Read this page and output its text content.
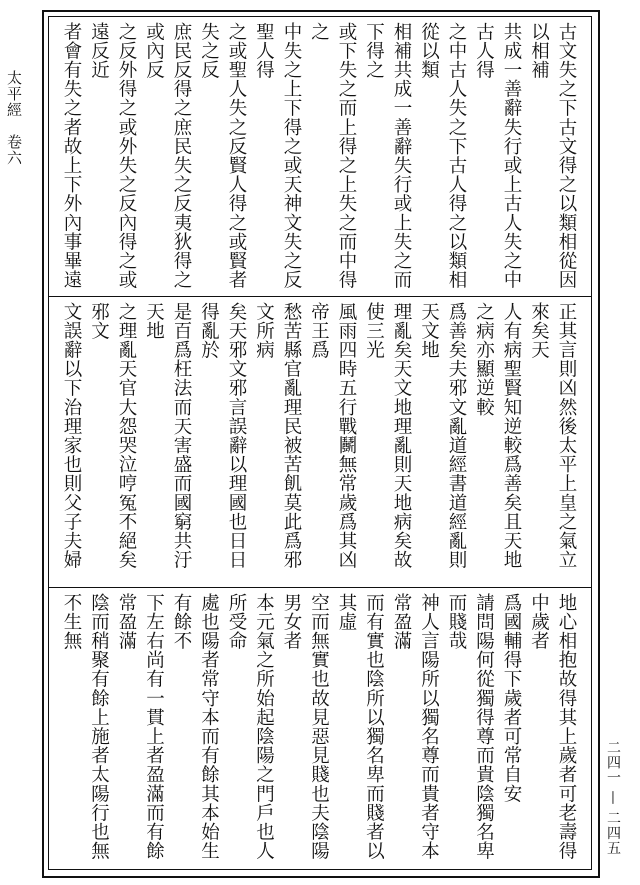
太平經　卷六
二四一 — 二四五
古文失之下古文得之以類相從因以相補
共成一善辭失行或上古人失之中古人得
之中古人失之下古人得之以類相從以類
相補共成一善辭失行或上失之而下得之
或下失之而上得之上失之而中得之
中失之上下得之或天神文失之反聖人得
之或聖人失之反賢人得之或賢者失之反
庶民反得之庶民失之反夷狄得之或內反
之反外得之或外失之反內得之或遠反近
者會有失之者故上下外內事畢遠
正其言則凶然後太平上皇之氣立來矣天
人有病聖賢知逆較爲善矣且天地之病亦顯逆較
爲善矣夫邪文亂道經書道經亂則天文地
理亂矣天文地理亂則天地病矣故使三光
風雨四時五行戰鬭無常歲爲其凶帝王爲
愁苦縣官亂理民被苦飢莫此爲邪文所病
矣天邪文邪言誤辭以理國也日日得亂於
是百爲枉法而天害盛而國窮共汙天地
之理亂天官大怨哭泣哼冤不絕矣邪文
文誤辭以下治理家也則父子夫婦
地心相抱故得其上歲者可老壽得中歲者
爲國輔得下歲者可常自安
請問陽何從獨得尊而貴陰獨名卑而賤哉
神人言陽所以獨名尊而貴者守本常盈滿
而有實也陰所以獨名卑而賤者以其虛
空而無實也故見惡見賤也夫陰陽男女者
本元氣之所始起陰陽之門戶也人所受命
處也陽者常守本而有餘其本始生有餘不
下左右尚有一貫上者盈滿而有餘常盈滿
陰而稍聚有餘上施者太陽行也無不生無
